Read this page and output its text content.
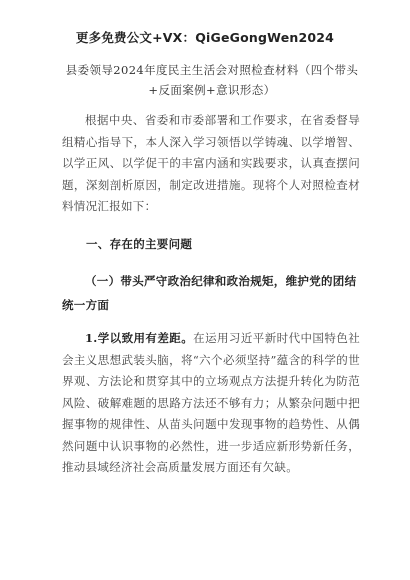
更多免费公文+VX：QiGeGongWen2024
县委领导2024年度民主生活会对照检查材料（四个带头+反面案例+意识形态）
根据中央、省委和市委部署和工作要求，在省委督导组精心指导下，本人深入学习领悟以学铸魂、以学增智、以学正风、以学促干的丰富内涵和实践要求，认真查摆问题，深刻剖析原因，制定改进措施。现将个人对照检查材料情况汇报如下：
一、存在的主要问题
（一）带头严守政治纪律和政治规矩，维护党的团结统一方面
1.学以致用有差距。在运用习近平新时代中国特色社会主义思想武装头脑，将“六个必须坚持”蕴含的科学的世界观、方法论和贯穿其中的立场观点方法提升转化为防范风险、破解难题的思路方法还不够有力；从繁杂问题中把握事物的规律性、从苗头问题中发现事物的趋势性、从偶然问题中认识事物的必然性，进一步适应新形势新任务，推动县域经济社会高质量发展方面还有欠缺。
